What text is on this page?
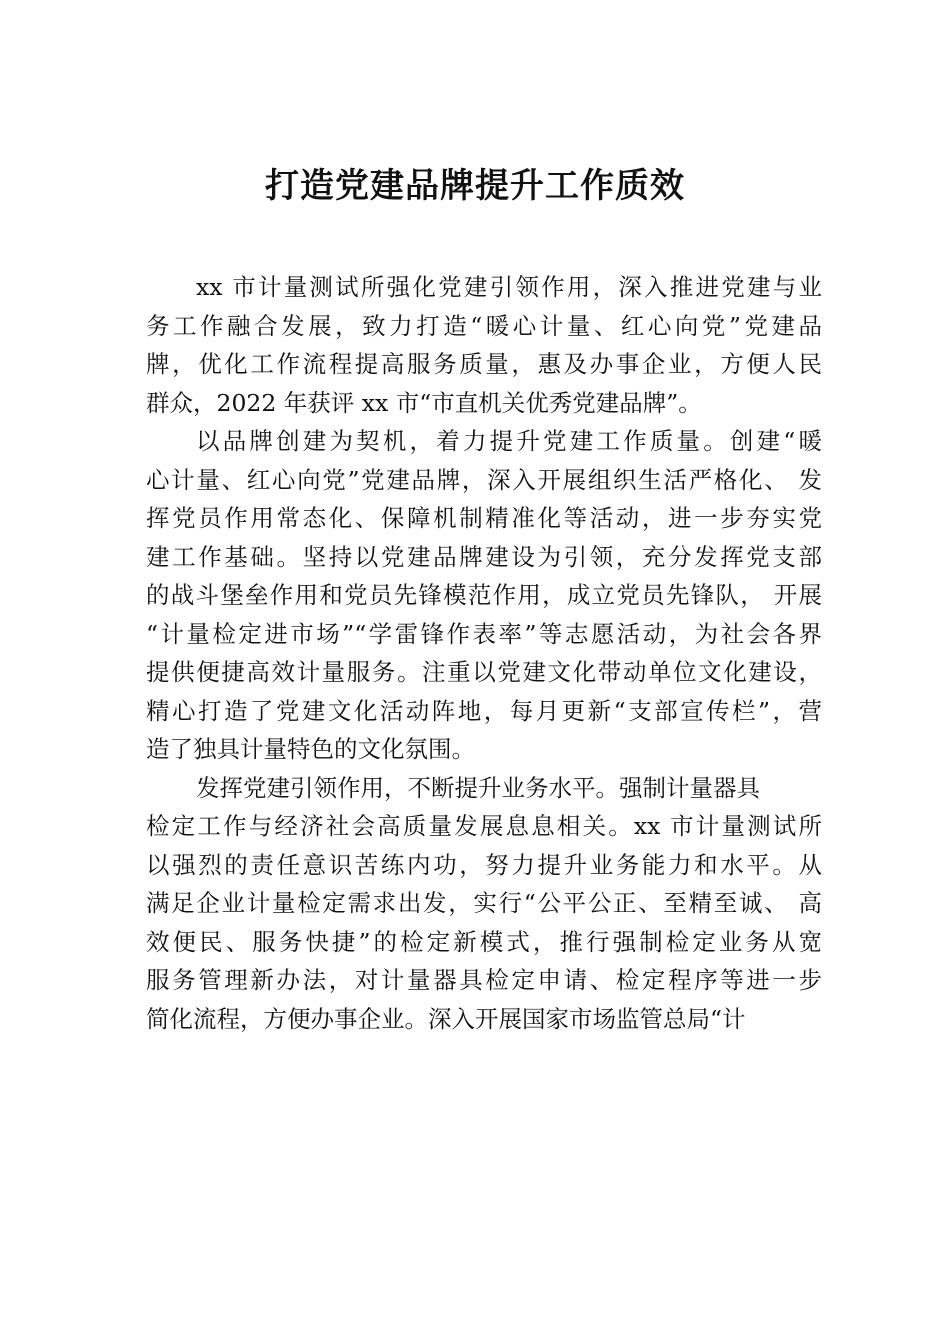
打造党建品牌提升工作质效
xx 市计量测试所强化党建引领作用，深入推进党建与业
务工作融合发展，致力打造“暖心计量、红心向党”党建品
牌，优化工作流程提高服务质量，惠及办事企业，方便人民
群众，2022 年获评 xx 市“市直机关优秀党建品牌”。
以品牌创建为契机，着力提升党建工作质量。创建“暖
心计量、红心向党”党建品牌，深入开展组织生活严格化、 发
挥党员作用常态化、保障机制精准化等活动，进一步夯实党
建工作基础。坚持以党建品牌建设为引领，充分发挥党支部
的战斗堡垒作用和党员先锋模范作用，成立党员先锋队， 开展
“计量检定进市场”“学雷锋作表率”等志愿活动，为社会各界
提供便捷高效计量服务。注重以党建文化带动单位文化建设，
精心打造了党建文化活动阵地，每月更新“支部宣传栏”，营
造了独具计量特色的文化氛围。
发挥党建引领作用，不断提升业务水平。强制计量器具
检定工作与经济社会高质量发展息息相关。xx 市计量测试所
以强烈的责任意识苦练内功，努力提升业务能力和水平。从
满足企业计量检定需求出发，实行“公平公正、至精至诚、 高
效便民、服务快捷”的检定新模式，推行强制检定业务从宽
服务管理新办法，对计量器具检定申请、检定程序等进一步
简化流程，方便办事企业。深入开展国家市场监管总局“计
